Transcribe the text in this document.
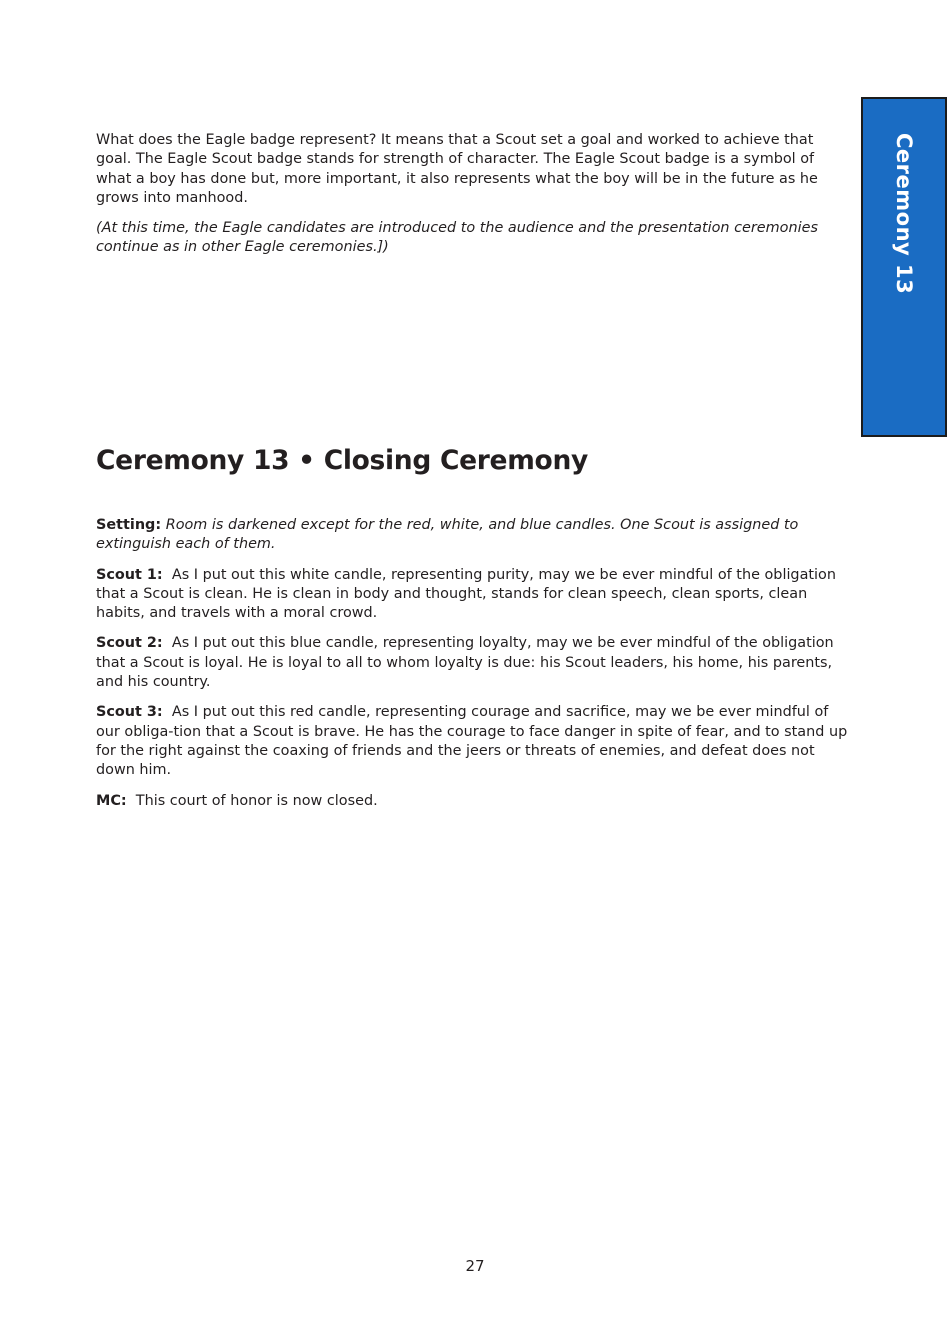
Ceremony 13

What does the Eagle badge represent? It means that a Scout set a goal and worked to achieve that goal. The Eagle Scout badge stands for strength of character. The Eagle Scout badge is a symbol of what a boy has done but, more important, it also represents what the boy will be in the future as he grows into manhood.

(At this time, the Eagle candidates are introduced to the audience and the presentation ceremonies continue as in other Eagle ceremonies.])

Ceremony 13 • Closing Ceremony

Setting: Room is darkened except for the red, white, and blue candles. One Scout is assigned to extinguish each of them.

Scout 1: As I put out this white candle, representing purity, may we be ever mindful of the obligation that a Scout is clean. He is clean in body and thought, stands for clean speech, clean sports, clean habits, and travels with a moral crowd.

Scout 2: As I put out this blue candle, representing loyalty, may we be ever mindful of the obligation that a Scout is loyal. He is loyal to all to whom loyalty is due: his Scout leaders, his home, his parents, and his country.

Scout 3: As I put out this red candle, representing courage and sacrifice, may we be ever mindful of our obliga-tion that a Scout is brave. He has the courage to face danger in spite of fear, and to stand up for the right against the coaxing of friends and the jeers or threats of enemies, and defeat does not down him.

MC: This court of honor is now closed.

27
